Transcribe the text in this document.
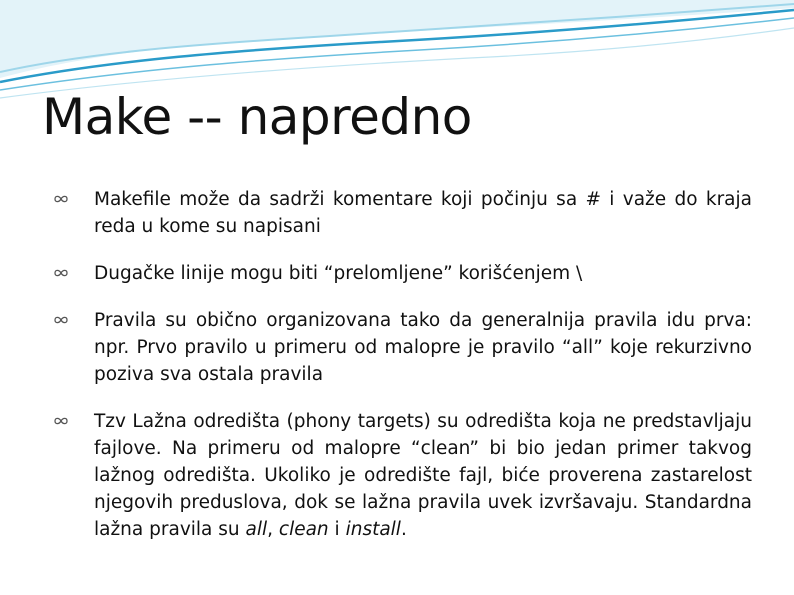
Make -- napredno

Makefile može da sadrži komentare koji počinju sa # i važe do kraja reda u kome su napisani

Dugačke linije mogu biti “prelomljene” korišćenjem \

Pravila su obično organizovana tako da generalnija pravila idu prva: npr. Prvo pravilo u primeru od malopre je pravilo “all” koje rekurzivno poziva sva ostala pravila

Tzv Lažna odredišta (phony targets) su odredišta koja ne predstavljaju fajlove. Na primeru od malopre “clean” bi bio jedan primer takvog lažnog odredišta. Ukoliko je odredište fajl, biće proverena zastarelost njegovih preduslova, dok se lažna pravila uvek izvršavaju. Standardna lažna pravila su all, clean i install.
